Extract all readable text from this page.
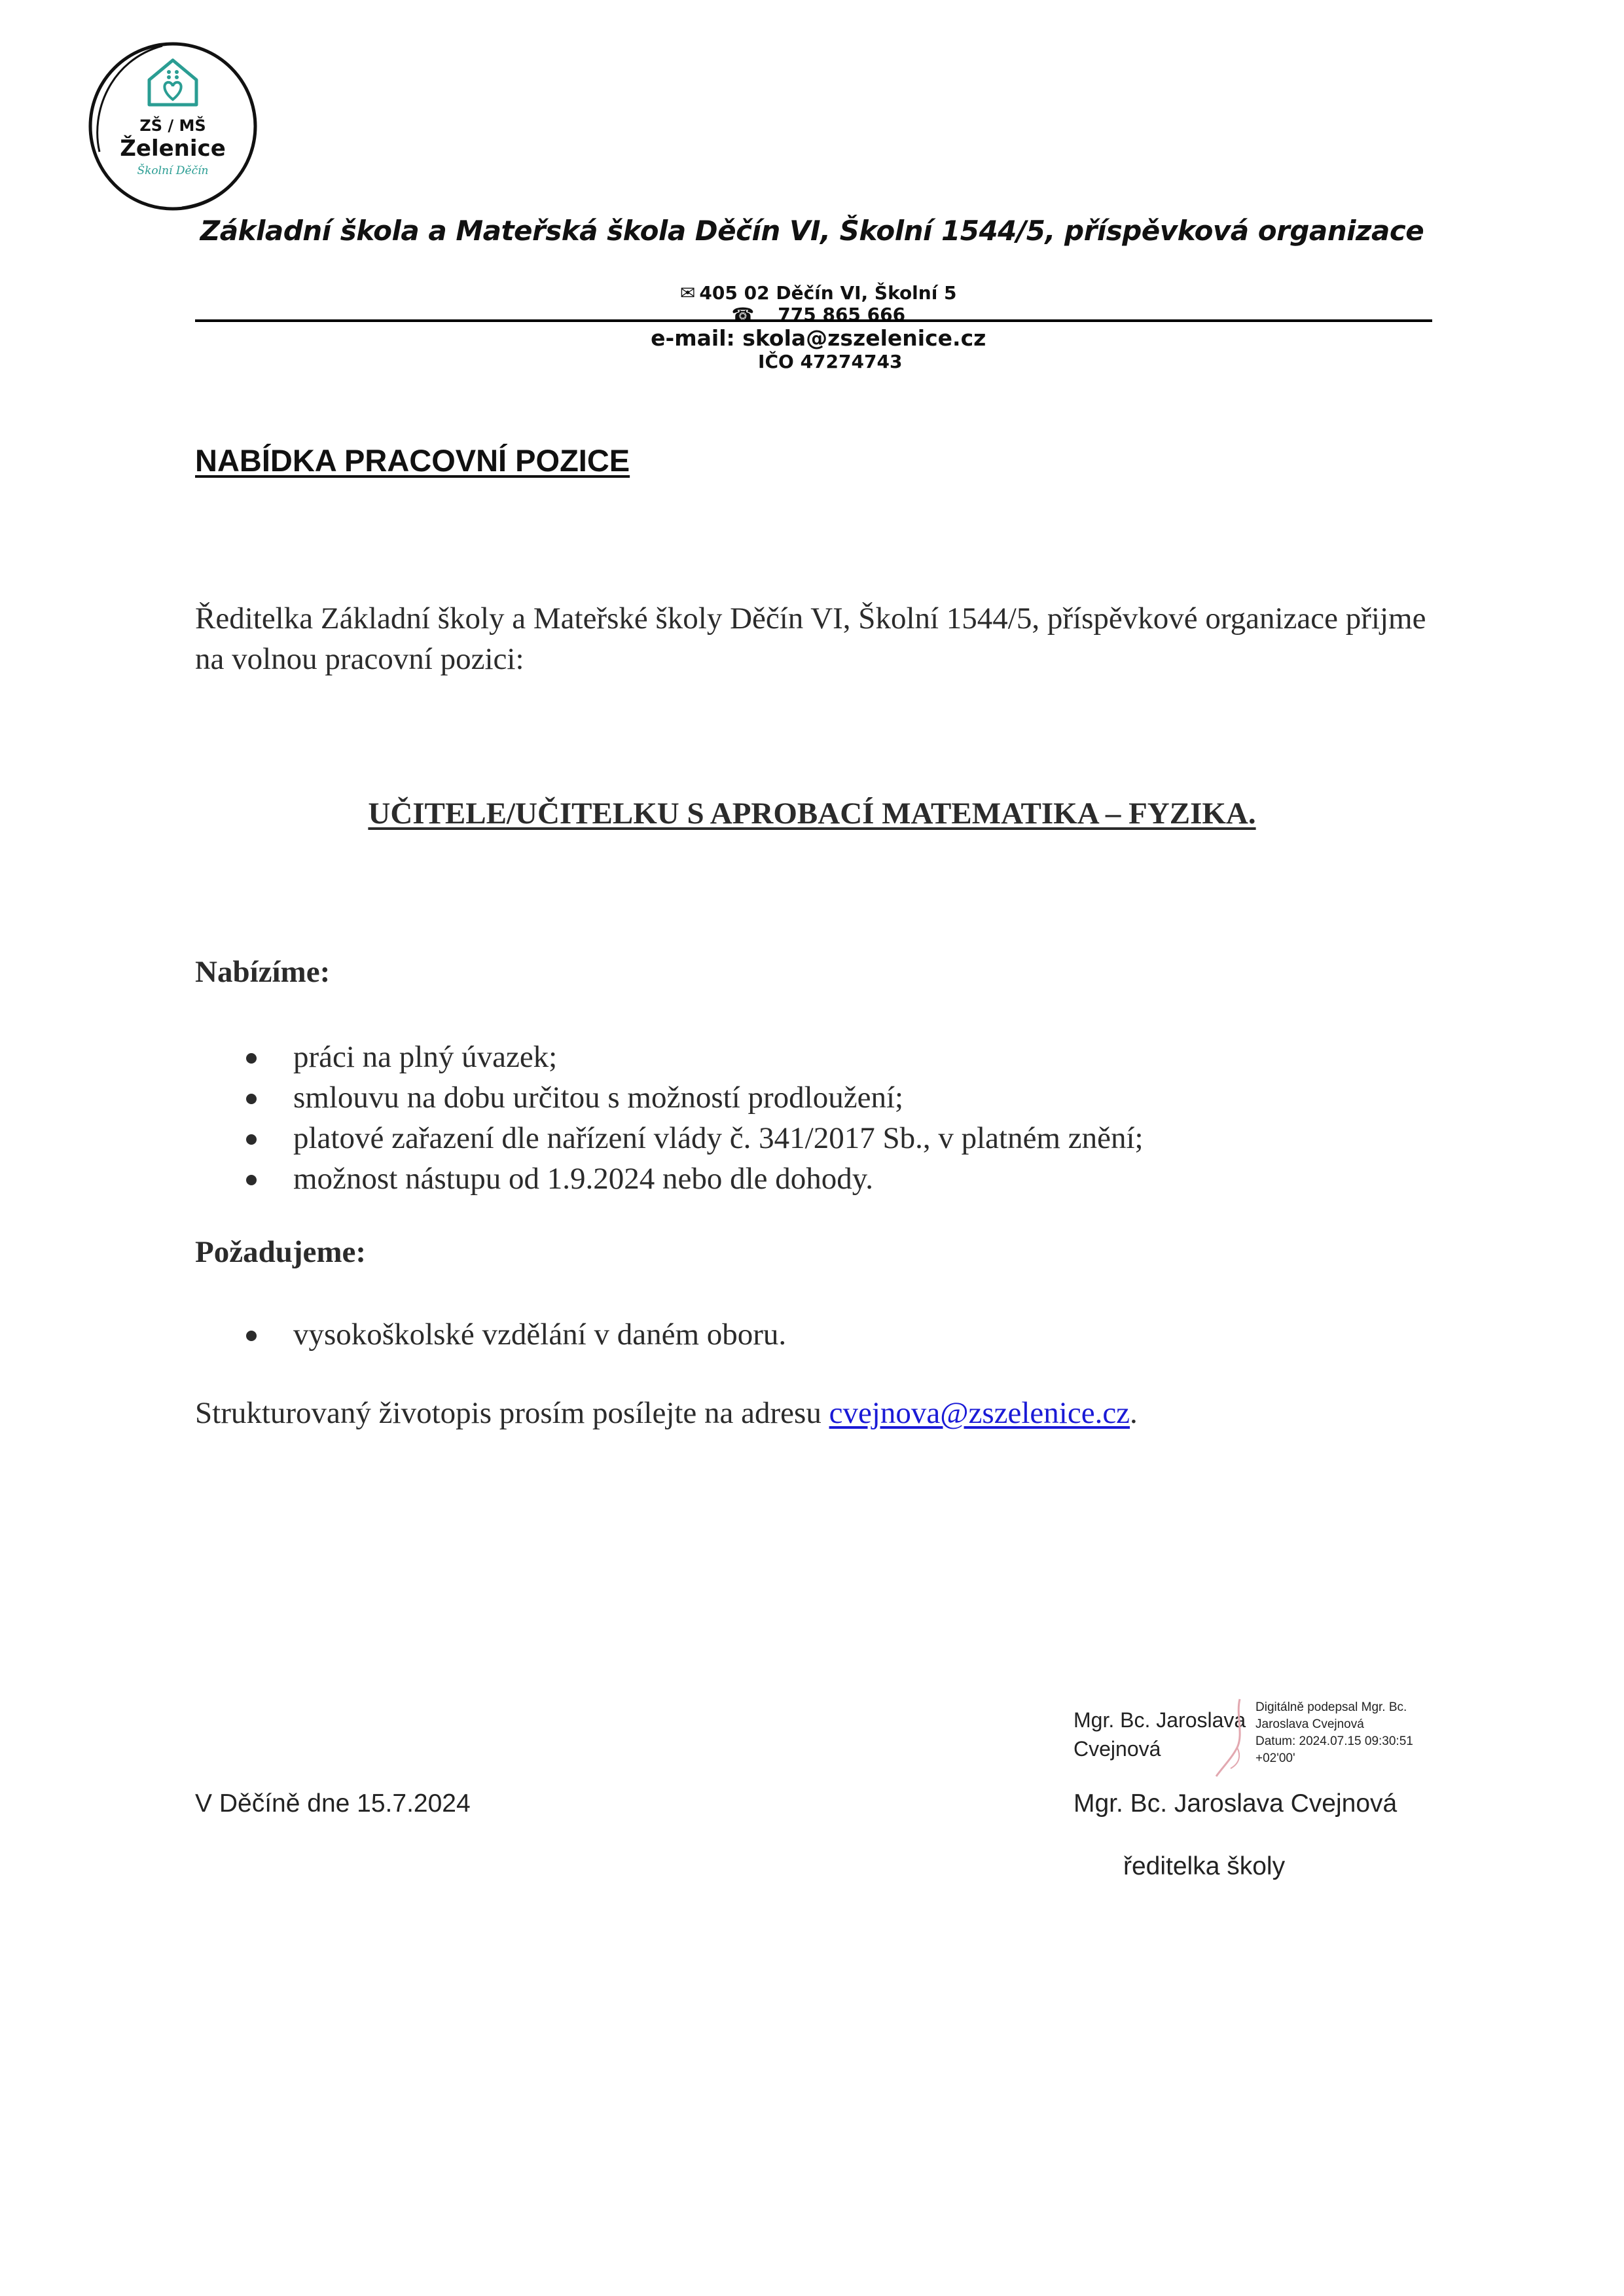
ZŠ / MŠ
Želenice
Školní Děčín
Základní škola a Mateřská škola Děčín VI, Školní 1544/5, příspěvková organizace

✉ 405 02 Děčín VI, Školní 5
☎ 775 865 666
e-mail: skola@zszelenice.cz
IČO 47274743

NABÍDKA PRACOVNÍ POZICE
Ředitelka Základní školy a Mateřské školy Děčín VI, Školní 1544/5, příspěvkové organizace přijme na volnou pracovní pozici:
UČITELE/UČITELKU S APROBACÍ MATEMATIKA – FYZIKA.
Nabízíme:
práci na plný úvazek;
smlouvu na dobu určitou s možností prodloužení;
platové zařazení dle nařízení vlády č. 341/2017 Sb., v platném znění;
možnost nástupu od 1.9.2024 nebo dle dohody.
Požadujeme:
vysokoškolské vzdělání v daném oboru.
Strukturovaný životopis prosím posílejte na adresu cvejnova@zszelenice.cz.
Mgr. Bc. Jaroslava
Cvejnová
Digitálně podepsal Mgr. Bc.
Jaroslava Cvejnová
Datum: 2024.07.15 09:30:51
+02'00'
V Děčíně dne 15.7.2024	Mgr. Bc. Jaroslava Cvejnová
ředitelka školy
